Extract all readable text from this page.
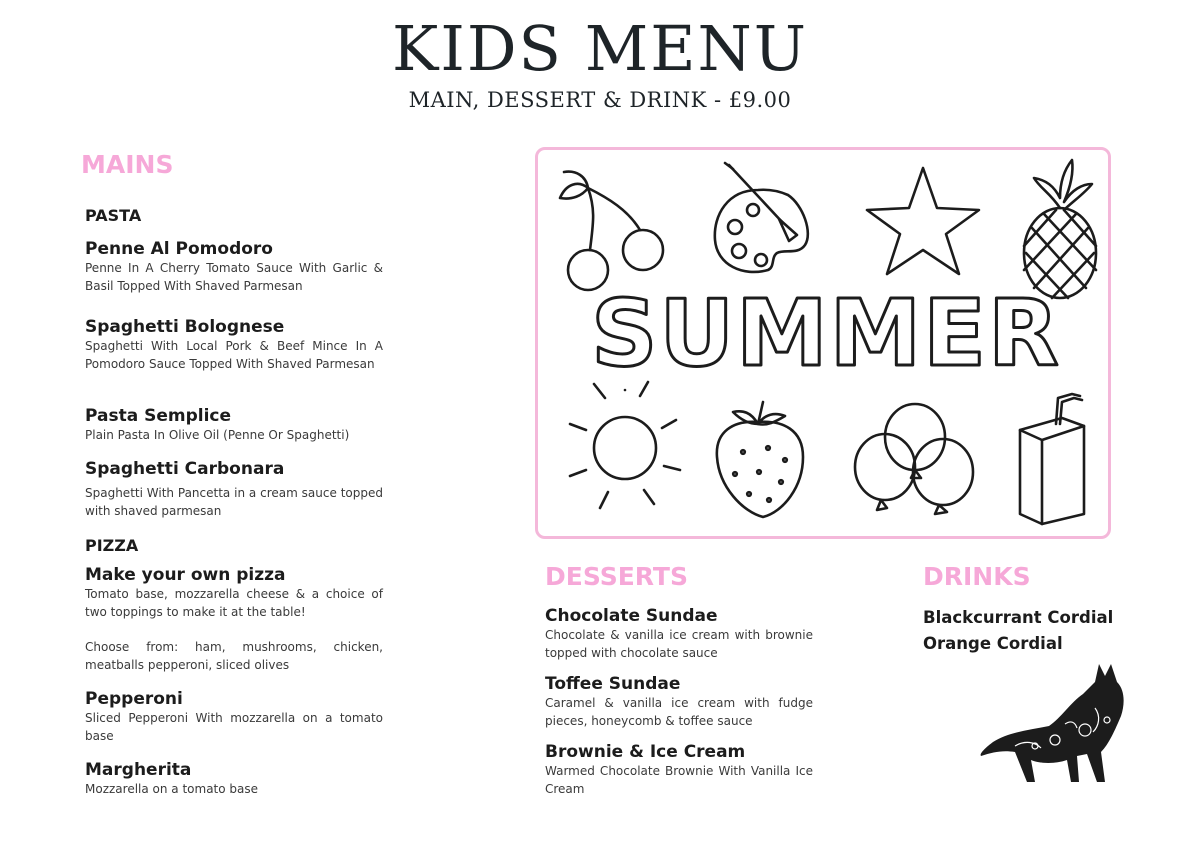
KIDS MENU
MAIN, DESSERT & DRINK - £9.00
MAINS
PASTA
Penne Al Pomodoro
Penne In A Cherry Tomato Sauce With Garlic & Basil Topped With Shaved Parmesan
Spaghetti Bolognese
Spaghetti With Local Pork & Beef Mince In A Pomodoro Sauce Topped With Shaved Parmesan
Pasta Semplice
Plain Pasta In Olive Oil (Penne Or Spaghetti)
Spaghetti Carbonara
Spaghetti With Pancetta in a cream sauce topped with shaved parmesan
PIZZA
Make your own pizza
Tomato base, mozzarella cheese & a choice of two toppings to make it at the table!
Choose from: ham, mushrooms, chicken, meatballs pepperoni, sliced olives
Pepperoni
Sliced Pepperoni With mozzarella on a tomato base
Margherita
Mozzarella on a tomato base
SUMMER
DESSERTS
Chocolate Sundae
Chocolate & vanilla ice cream with brownie topped with chocolate sauce
Toffee Sundae
Caramel & vanilla ice cream with fudge pieces, honeycomb & toffee sauce
Brownie & Ice Cream
Warmed Chocolate Brownie With Vanilla Ice Cream
DRINKS
Blackcurrant Cordial
Orange Cordial
